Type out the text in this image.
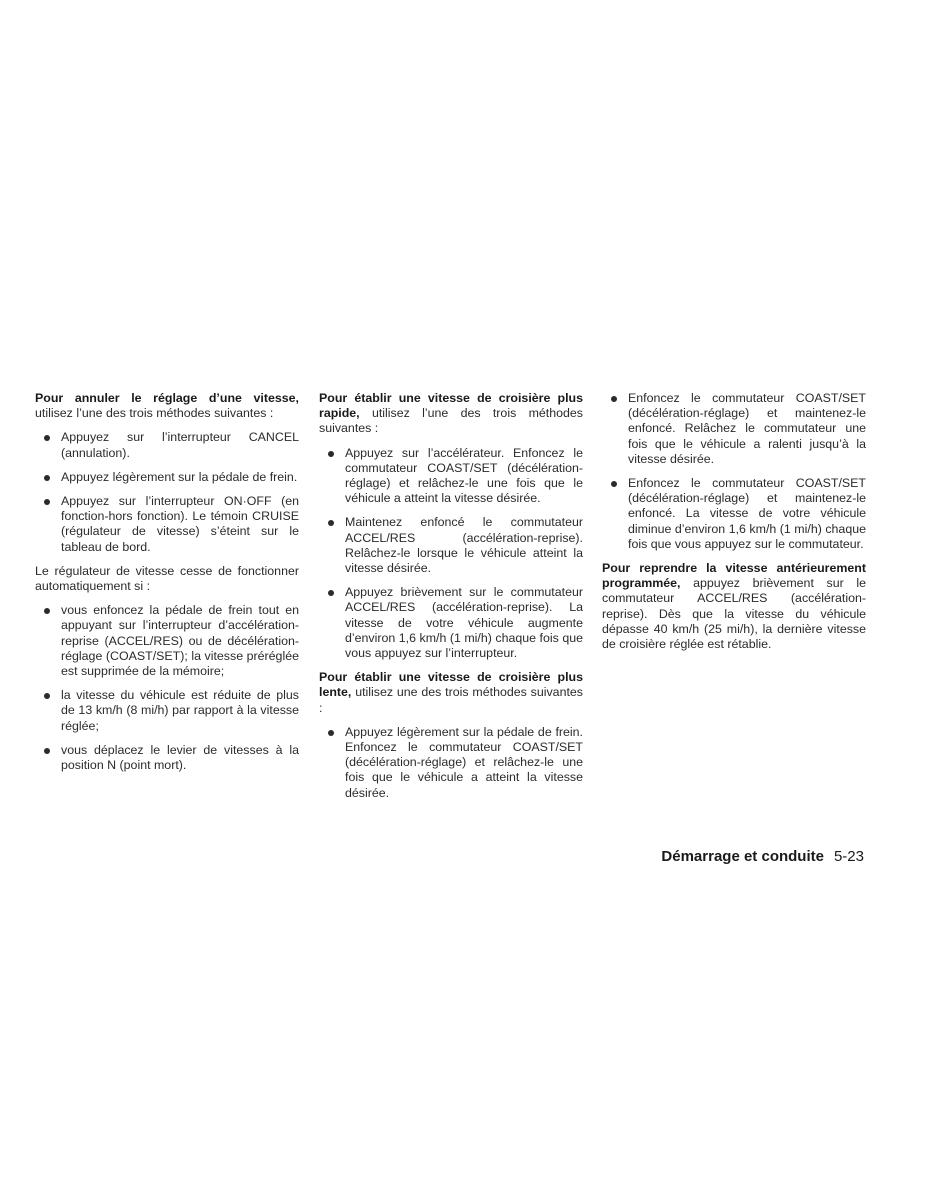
Pour annuler le réglage d’une vitesse, utilisez l’une des trois méthodes suivantes :

Appuyez sur l’interrupteur CANCEL (annulation).
Appuyez légèrement sur la pédale de frein.
Appuyez sur l’interrupteur ON·OFF (en fonction-hors fonction). Le témoin CRUISE (régulateur de vitesse) s’éteint sur le tableau de bord.

Le régulateur de vitesse cesse de fonctionner automatiquement si :

vous enfoncez la pédale de frein tout en appuyant sur l’interrupteur d’accélération-reprise (ACCEL/RES) ou de décélération-réglage (COAST/SET); la vitesse préréglée est supprimée de la mémoire;
la vitesse du véhicule est réduite de plus de 13 km/h (8 mi/h) par rapport à la vitesse réglée;
vous déplacez le levier de vitesses à la position N (point mort).

Pour établir une vitesse de croisière plus rapide, utilisez l’une des trois méthodes suivantes :

Appuyez sur l’accélérateur. Enfoncez le commutateur COAST/SET (décélération-réglage) et relâchez-le une fois que le véhicule a atteint la vitesse désirée.
Maintenez enfoncé le commutateur ACCEL/RES (accélération-reprise). Relâchez-le lorsque le véhicule atteint la vitesse désirée.
Appuyez brièvement sur le commutateur ACCEL/RES (accélération-reprise). La vitesse de votre véhicule augmente d’environ 1,6 km/h (1 mi/h) chaque fois que vous appuyez sur l’interrupteur.

Pour établir une vitesse de croisière plus lente, utilisez une des trois méthodes suivantes :

Appuyez légèrement sur la pédale de frein. Enfoncez le commutateur COAST/SET (décélération-réglage) et relâchez-le une fois que le véhicule a atteint la vitesse désirée.
Enfoncez le commutateur COAST/SET (décélération-réglage) et maintenez-le enfoncé. Relâchez le commutateur une fois que le véhicule a ralenti jusqu’à la vitesse désirée.
Enfoncez le commutateur COAST/SET (décélération-réglage) et maintenez-le enfoncé. La vitesse de votre véhicule diminue d’environ 1,6 km/h (1 mi/h) chaque fois que vous appuyez sur le commutateur.

Pour reprendre la vitesse antérieurement programmée, appuyez brièvement sur le commutateur ACCEL/RES (accélération-reprise). Dès que la vitesse du véhicule dépasse 40 km/h (25 mi/h), la dernière vitesse de croisière réglée est rétablie.

Démarrage et conduite 5-23
